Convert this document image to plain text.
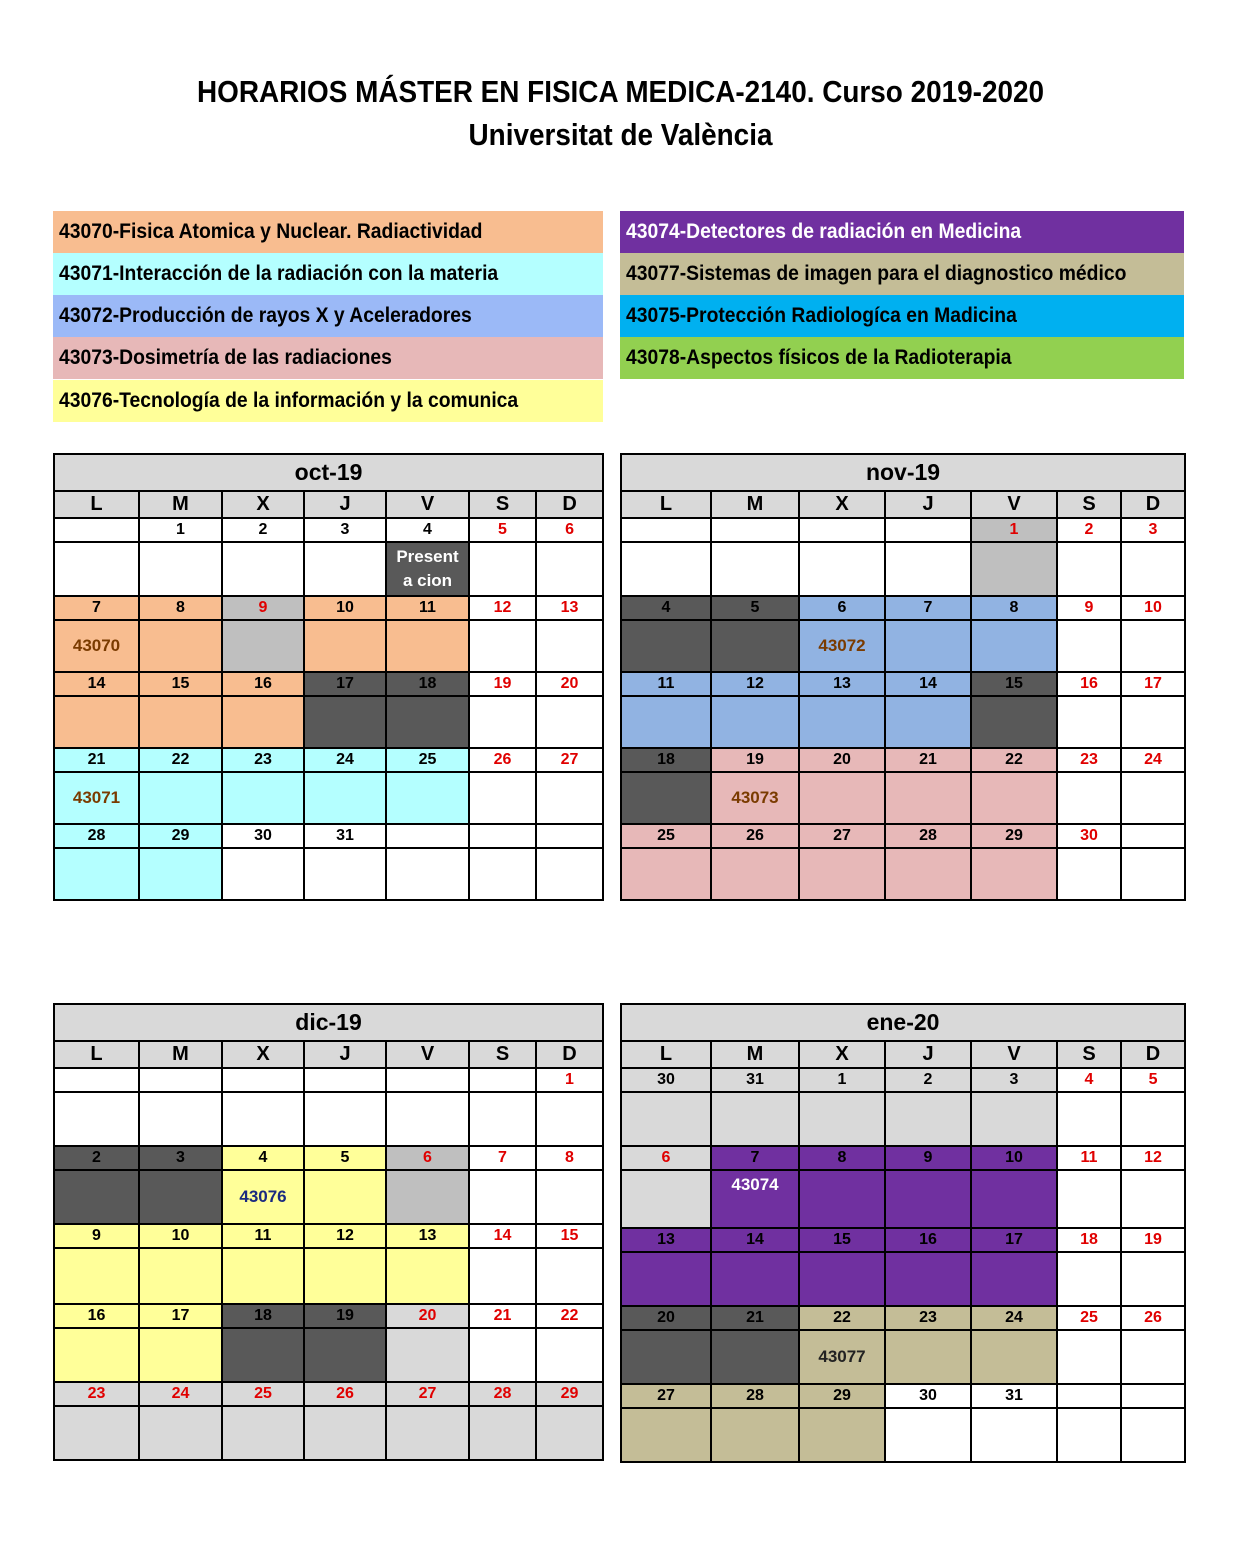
HORARIOS MÁSTER EN FISICA MEDICA-2140. Curso 2019-2020
Universitat de València
43070-Fisica Atomica y Nuclear. Radiactividad
43071-Interacción de la radiación con la materia
43072-Producción de rayos X y Aceleradores
43073-Dosimetría de las radiaciones
43076-Tecnología de la información y la comunica
43074-Detectores de radiación en Medicina
43077-Sistemas de imagen para el diagnostico médico
43075-Protección Radiologíca en Madicina
43078-Aspectos físicos de la Radioterapia
oct-19						
L	M	X	J	V	S	D
	1	2	3	4	5	6
				Presenta cion		
7	8	9	10	11	12	13
43070						
14	15	16	17	18	19	20

21	22	23	24	25	26	27
43071						
28	29	30	31			

nov-19						
L	M	X	J	V	S	D
				1	2	3

4	5	6	7	8	9	10
		43072				
11	12	13	14	15	16	17

18	19	20	21	22	23	24
	43073					
25	26	27	28	29	30	

dic-19						
L	M	X	J	V	S	D
						1

2	3	4	5	6	7	8
		43076				
9	10	11	12	13	14	15

16	17	18	19	20	21	22

23	24	25	26	27	28	29

ene-20						
L	M	X	J	V	S	D
30	31	1	2	3	4	5

6	7	8	9	10	11	12
	43074					
13	14	15	16	17	18	19

20	21	22	23	24	25	26
		43077				
27	28	29	30	31		
